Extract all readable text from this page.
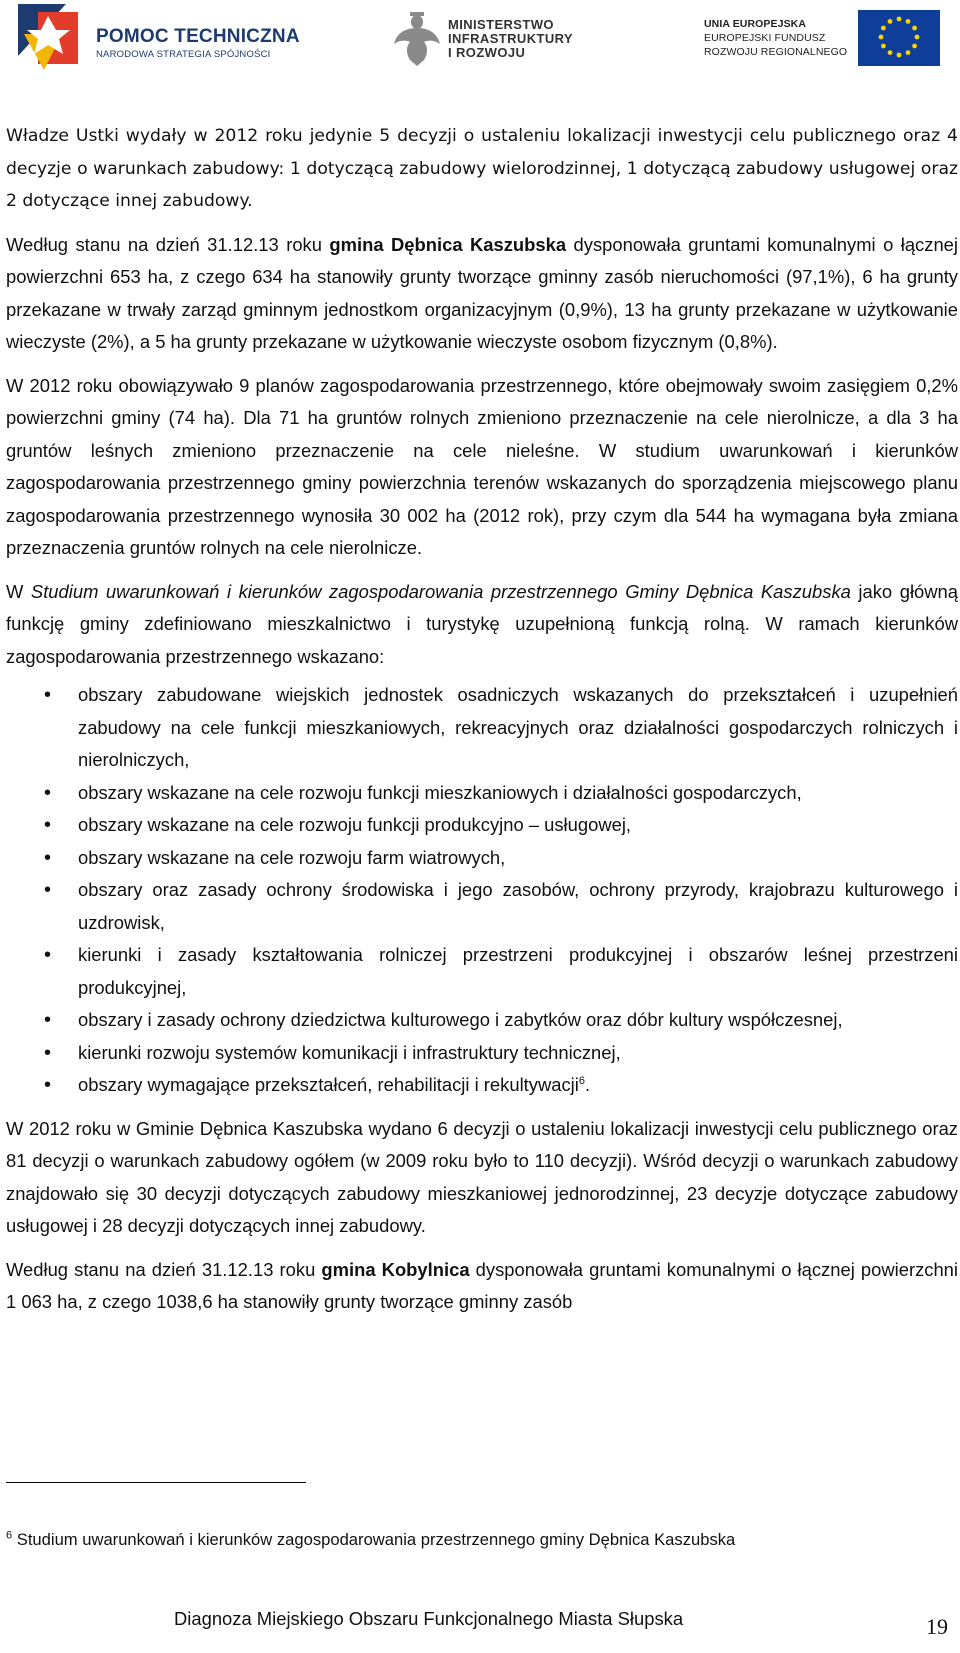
POMOC TECHNICZNA
NARODOWA STRATEGIA SPÓJNOŚCI
MINISTERSTWO
INFRASTRUKTURY
I ROZWOJU
UNIA EUROPEJSKA
EUROPEJSKI FUNDUSZ
ROZWOJU REGIONALNEGO

Władze Ustki wydały w 2012 roku jedynie 5 decyzji o ustaleniu lokalizacji inwestycji celu publicznego oraz 4 decyzje o warunkach zabudowy: 1 dotyczącą zabudowy wielorodzinnej, 1 dotyczącą zabudowy usługowej oraz 2 dotyczące innej zabudowy.

Według stanu na dzień 31.12.13 roku gmina Dębnica Kaszubska dysponowała gruntami komunalnymi o łącznej powierzchni 653 ha, z czego 634 ha stanowiły grunty tworzące gminny zasób nieruchomości (97,1%), 6 ha grunty przekazane w trwały zarząd gminnym jednostkom organizacyjnym (0,9%), 13 ha grunty przekazane w użytkowanie wieczyste (2%), a 5 ha grunty przekazane w użytkowanie wieczyste osobom fizycznym (0,8%).

W 2012 roku obowiązywało 9 planów zagospodarowania przestrzennego, które obejmowały swoim zasięgiem 0,2% powierzchni gminy (74 ha). Dla 71 ha gruntów rolnych zmieniono przeznaczenie na cele nierolnicze, a dla 3 ha gruntów leśnych zmieniono przeznaczenie na cele nieleśne. W studium uwarunkowań i kierunków zagospodarowania przestrzennego gminy powierzchnia terenów wskazanych do sporządzenia miejscowego planu zagospodarowania przestrzennego wynosiła 30 002 ha (2012 rok), przy czym dla 544 ha wymagana była zmiana przeznaczenia gruntów rolnych na cele nierolnicze.

W Studium uwarunkowań i kierunków zagospodarowania przestrzennego Gminy Dębnica Kaszubska jako główną funkcję gminy zdefiniowano mieszkalnictwo i turystykę uzupełnioną funkcją rolną. W ramach kierunków zagospodarowania przestrzennego wskazano:

• obszary zabudowane wiejskich jednostek osadniczych wskazanych do przekształceń i uzupełnień zabudowy na cele funkcji mieszkaniowych, rekreacyjnych oraz działalności gospodarczych rolniczych i nierolniczych,
• obszary wskazane na cele rozwoju funkcji mieszkaniowych i działalności gospodarczych,
• obszary wskazane na cele rozwoju funkcji produkcyjno – usługowej,
• obszary wskazane na cele rozwoju farm wiatrowych,
• obszary oraz zasady ochrony środowiska i jego zasobów, ochrony przyrody, krajobrazu kulturowego i uzdrowisk,
• kierunki i zasady kształtowania rolniczej przestrzeni produkcyjnej i obszarów leśnej przestrzeni produkcyjnej,
• obszary i zasady ochrony dziedzictwa kulturowego i zabytków oraz dóbr kultury współczesnej,
• kierunki rozwoju systemów komunikacji i infrastruktury technicznej,
• obszary wymagające przekształceń, rehabilitacji i rekultywacji$^6$.

W 2012 roku w Gminie Dębnica Kaszubska wydano 6 decyzji o ustaleniu lokalizacji inwestycji celu publicznego oraz 81 decyzji o warunkach zabudowy ogółem (w 2009 roku było to 110 decyzji). Wśród decyzji o warunkach zabudowy znajdowało się 30 decyzji dotyczących zabudowy mieszkaniowej jednorodzinnej, 23 decyzje dotyczące zabudowy usługowej i 28 decyzji dotyczących innej zabudowy.

Według stanu na dzień 31.12.13 roku gmina Kobylnica dysponowała gruntami komunalnymi o łącznej powierzchni 1 063 ha, z czego 1038,6 ha stanowiły grunty tworzące gminny zasób

$^6$ Studium uwarunkowań i kierunków zagospodarowania przestrzennego gminy Dębnica Kaszubska
Diagnoza Miejskiego Obszaru Funkcjonalnego Miasta Słupska	19
